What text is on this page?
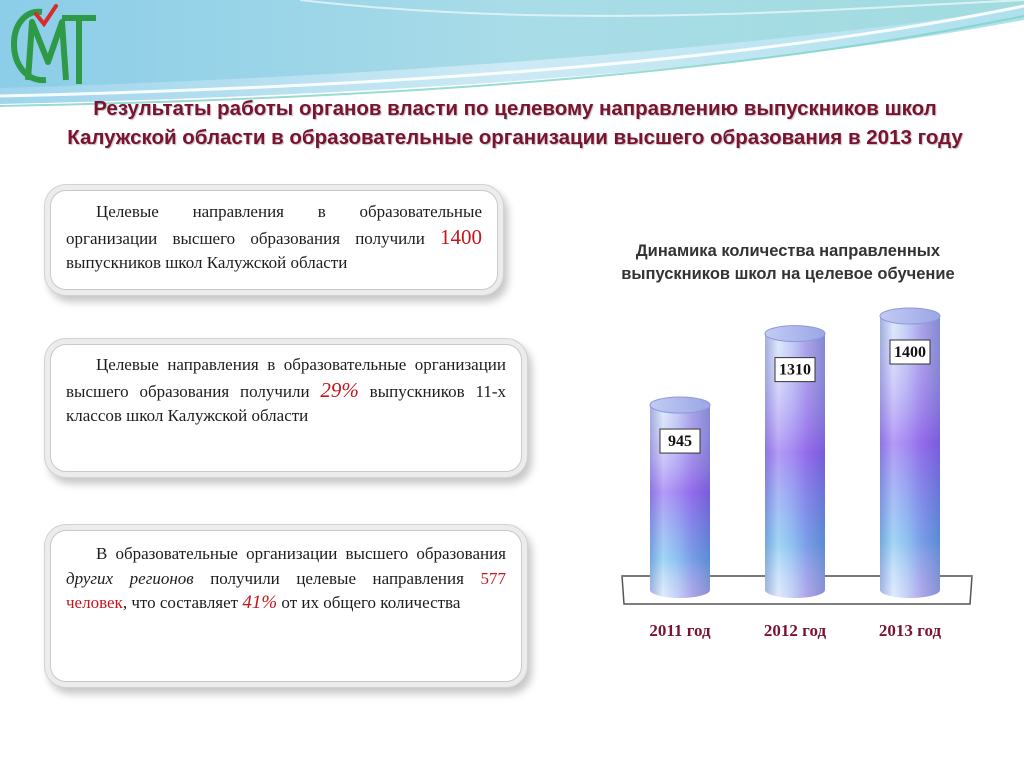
Результаты работы органов власти по целевому направлению выпускников школ
Калужской области в образовательные организации высшего образования в 2013 году
Целевые направления в образовательные организации высшего образования получили 1400 выпускников школ Калужской области
Целевые направления в образовательные организации высшего образования получили 29% выпускников 11-х классов школ Калужской области
В образовательные организации высшего образования других регионов получили целевые направления 577 человек, что составляет 41% от их общего количества
Динамика количества направленных выпускников школ на целевое обучение
945
2011 год
1310
2012 год
1400
2013 год
